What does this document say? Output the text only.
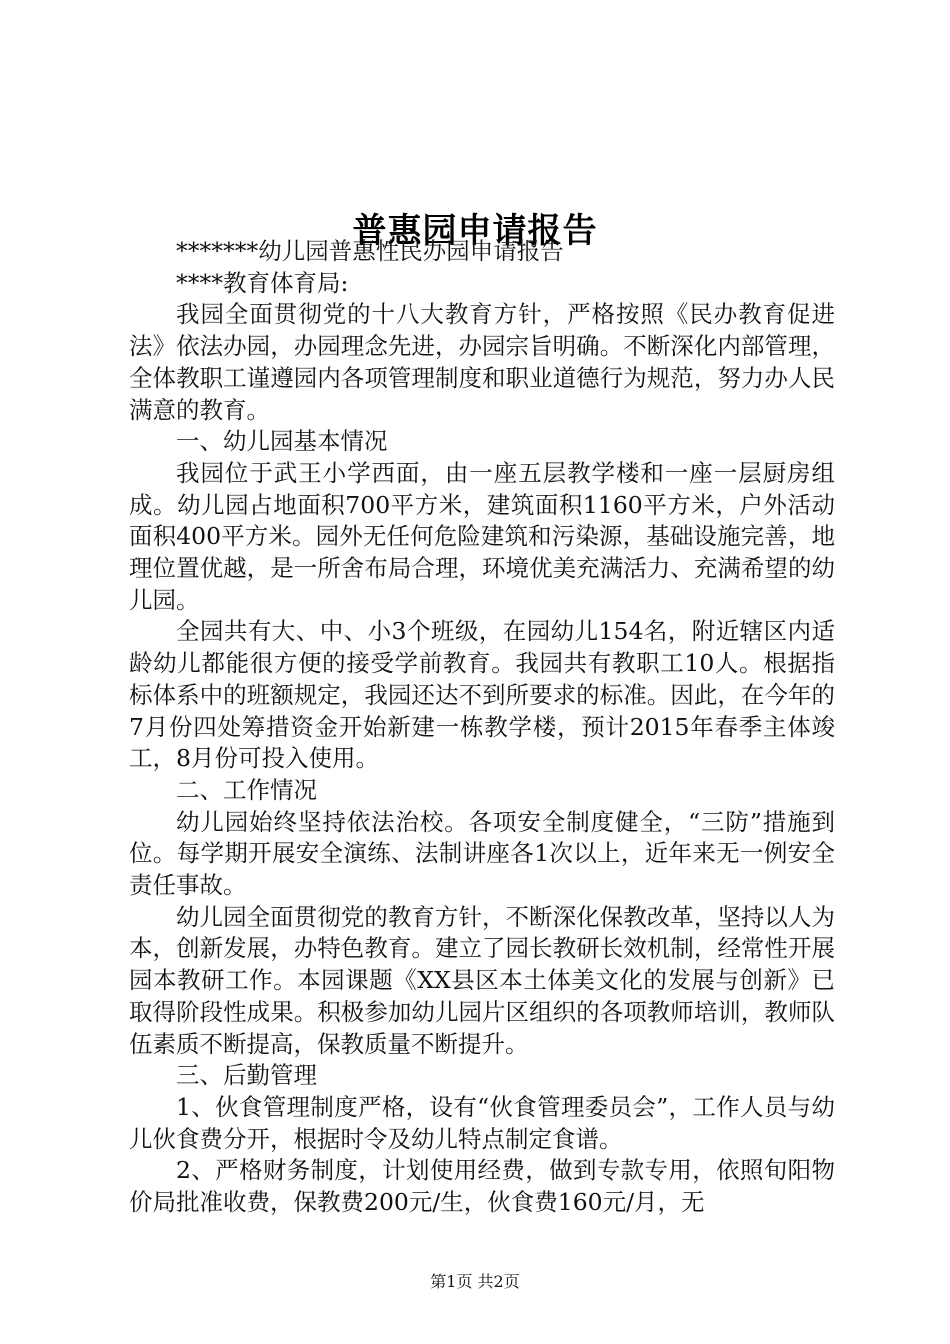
普惠园申请报告

*******幼儿园普惠性民办园申请报告

****教育体育局:

我园全面贯彻党的十八大教育方针，严格按照《民办教育促进法》依法办园，办园理念先进，办园宗旨明确。不断深化内部管理，全体教职工谨遵园内各项管理制度和职业道德行为规范，努力办人民满意的教育。

一、幼儿园基本情况

我园位于武王小学西面，由一座五层教学楼和一座一层厨房组成。幼儿园占地面积700平方米，建筑面积1160平方米，户外活动面积400平方米。园外无任何危险建筑和污染源，基础设施完善，地理位置优越，是一所舍布局合理，环境优美充满活力、充满希望的幼儿园。

全园共有大、中、小3个班级，在园幼儿154名，附近辖区内适龄幼儿都能很方便的接受学前教育。我园共有教职工10人。根据指标体系中的班额规定，我园还达不到所要求的标准。因此，在今年的7月份四处筹措资金开始新建一栋教学楼，预计2015年春季主体竣工，8月份可投入使用。

二、工作情况

幼儿园始终坚持依法治校。各项安全制度健全，“三防”措施到位。每学期开展安全演练、法制讲座各1次以上，近年来无一例安全责任事故。

幼儿园全面贯彻党的教育方针，不断深化保教改革，坚持以人为本，创新发展，办特色教育。建立了园长教研长效机制，经常性开展园本教研工作。本园课题《XX县区本土体美文化的发展与创新》已取得阶段性成果。积极参加幼儿园片区组织的各项教师培训，教师队伍素质不断提高，保教质量不断提升。

三、后勤管理

1、伙食管理制度严格，设有“伙食管理委员会”，工作人员与幼儿伙食费分开，根据时令及幼儿特点制定食谱。

2、严格财务制度，计划使用经费，做到专款专用，依照旬阳物价局批准收费，保教费200元/生，伙食费160元/月，无

第1页 共2页
